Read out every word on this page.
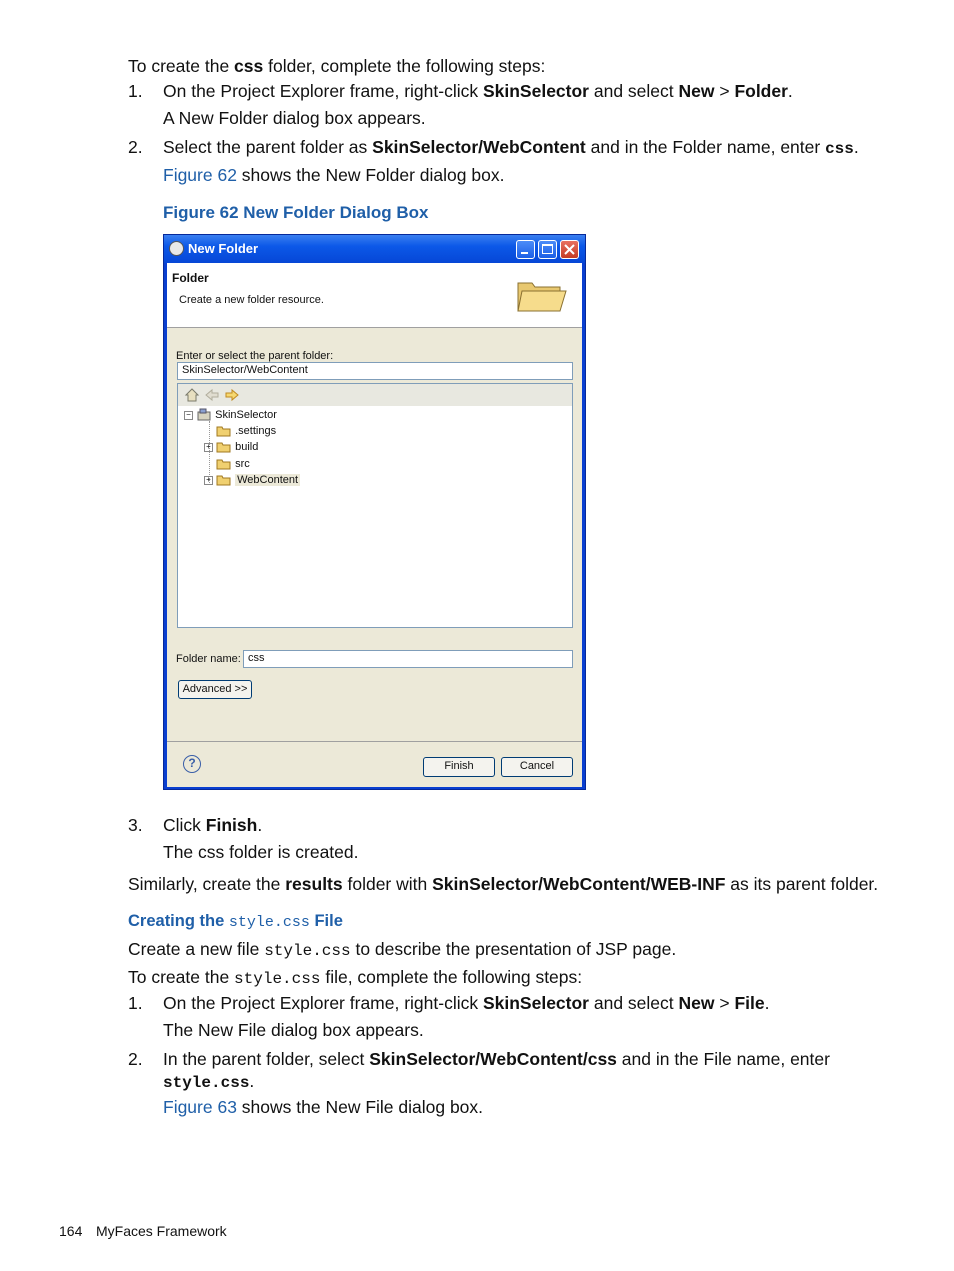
To create the css folder, complete the following steps:
1. On the Project Explorer frame, right-click SkinSelector and select New > Folder.
A New Folder dialog box appears.
2. Select the parent folder as SkinSelector/WebContent and in the Folder name, enter css.
Figure 62 shows the New Folder dialog box.
Figure 62 New Folder Dialog Box
New Folder
Folder
Create a new folder resource.
Enter or select the parent folder:
SkinSelector/WebContent
− SkinSelector
.settings
+ build
src
+ WebContent
Folder name: css
Advanced >>
?	Finish	Cancel
3. Click Finish.
The css folder is created.
Similarly, create the results folder with SkinSelector/WebContent/WEB-INF as its parent folder.
Creating the style.css File
Create a new file style.css to describe the presentation of JSP page.
To create the style.css file, complete the following steps:
1. On the Project Explorer frame, right-click SkinSelector and select New > File.
The New File dialog box appears.
2. In the parent folder, select SkinSelector/WebContent/css and in the File name, enter
style.css.
Figure 63 shows the New File dialog box.
164 MyFaces Framework
